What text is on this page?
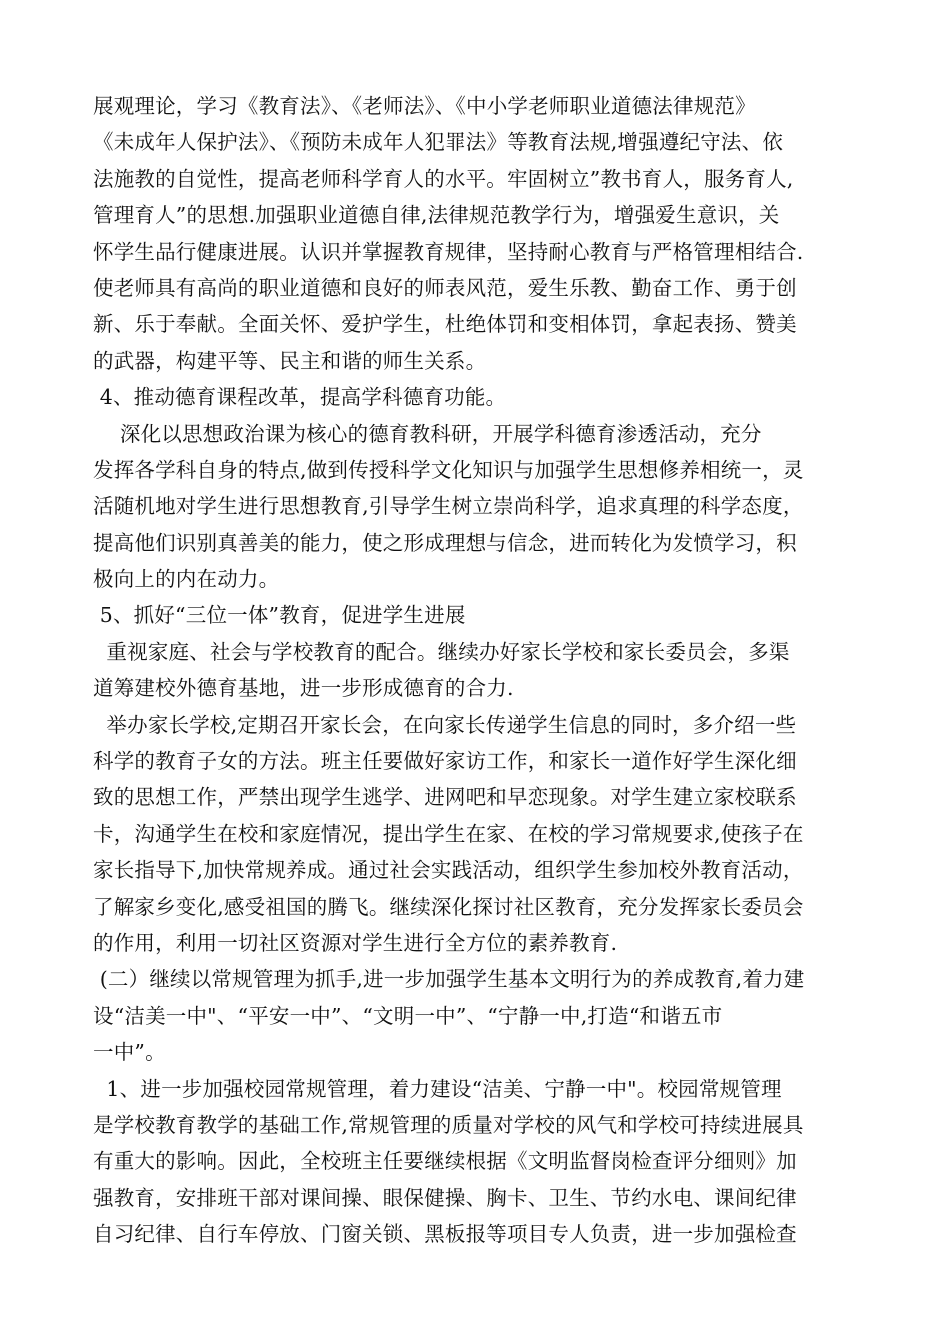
展观理论，学习《教育法》、《老师法》、《中小学老师职业道德法律规范》
《未成年人保护法》、《预防未成年人犯罪法》等教育法规,增强遵纪守法、依
法施教的自觉性，提高老师科学育人的水平。牢固树立”教书育人，服务育人,
管理育人”的思想.加强职业道德自律,法律规范教学行为，增强爱生意识，关
怀学生品行健康进展。认识并掌握教育规律，坚持耐心教育与严格管理相结合.
使老师具有高尚的职业道德和良好的师表风范，爱生乐教、勤奋工作、勇于创
新、乐于奉献。全面关怀、爱护学生，杜绝体罚和变相体罚，拿起表扬、赞美
的武器，构建平等、民主和谐的师生关系。
4、推动德育课程改革，提高学科德育功能。
深化以思想政治课为核心的德育教科研，开展学科德育渗透活动，充分
发挥各学科自身的特点,做到传授科学文化知识与加强学生思想修养相统一，灵
活随机地对学生进行思想教育,引导学生树立崇尚科学，追求真理的科学态度，
提高他们识别真善美的能力，使之形成理想与信念，进而转化为发愤学习，积
极向上的内在动力。
5、抓好“三位一体”教育，促进学生进展
重视家庭、社会与学校教育的配合。继续办好家长学校和家长委员会，多渠
道筹建校外德育基地，进一步形成德育的合力.
举办家长学校,定期召开家长会，在向家长传递学生信息的同时，多介绍一些
科学的教育子女的方法。班主任要做好家访工作，和家长一道作好学生深化细
致的思想工作，严禁出现学生逃学、进网吧和早恋现象。对学生建立家校联系
卡，沟通学生在校和家庭情况，提出学生在家、在校的学习常规要求,使孩子在
家长指导下,加快常规养成。通过社会实践活动，组织学生参加校外教育活动，
了解家乡变化,感受祖国的腾飞。继续深化探讨社区教育，充分发挥家长委员会
的作用，利用一切社区资源对学生进行全方位的素养教育.
(二）继续以常规管理为抓手,进一步加强学生基本文明行为的养成教育,着力建
设“洁美一中"、“平安一中”、“文明一中”、“宁静一中,打造“和谐五市
一中”。
1、进一步加强校园常规管理，着力建设“洁美、宁静一中"。校园常规管理
是学校教育教学的基础工作,常规管理的质量对学校的风气和学校可持续进展具
有重大的影响。因此，全校班主任要继续根据《文明监督岗检查评分细则》加
强教育，安排班干部对课间操、眼保健操、胸卡、卫生、节约水电、课间纪律
自习纪律、自行车停放、门窗关锁、黑板报等项目专人负责，进一步加强检查
